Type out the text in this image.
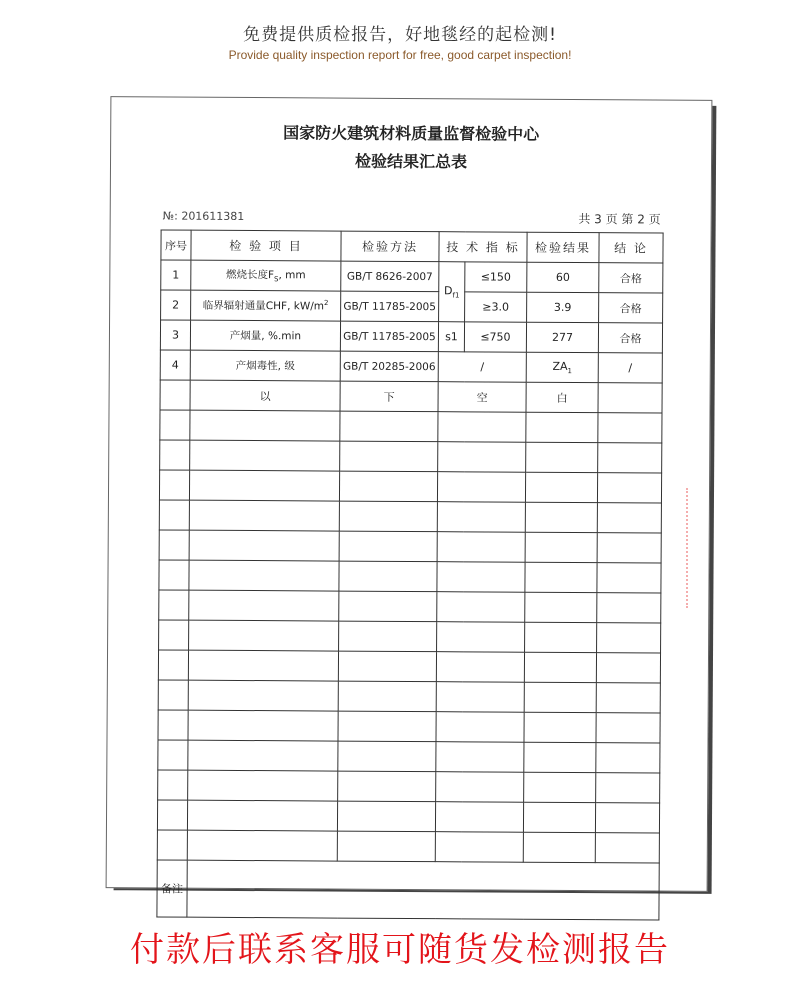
免费提供质检报告，好地毯经的起检测!
Provide quality inspection report for free, good carpet inspection!
国家防火建筑材料质量监督检验中心
检验结果汇总表
№: 201611381	共 3 页 第 2 页
序号	检 验 项 目	检验方法	技 术 指 标		检验结果	结 论
1	燃烧长度$F_S$, mm	GB/T 8626-2007	$D_{f1}$	≤150	60	合格
2	临界辐射通量CHF, $kW/m^2$	GB/T 11785-2005		≥3.0	3.9	合格
3	产烟量, %.min	GB/T 11785-2005	s1	≤750	277	合格
4	产烟毒性, 级	GB/T 20285-2006	/		$ZA_1$	/
	以	下	空		白	

备注						
付款后联系客服可随货发检测报告
